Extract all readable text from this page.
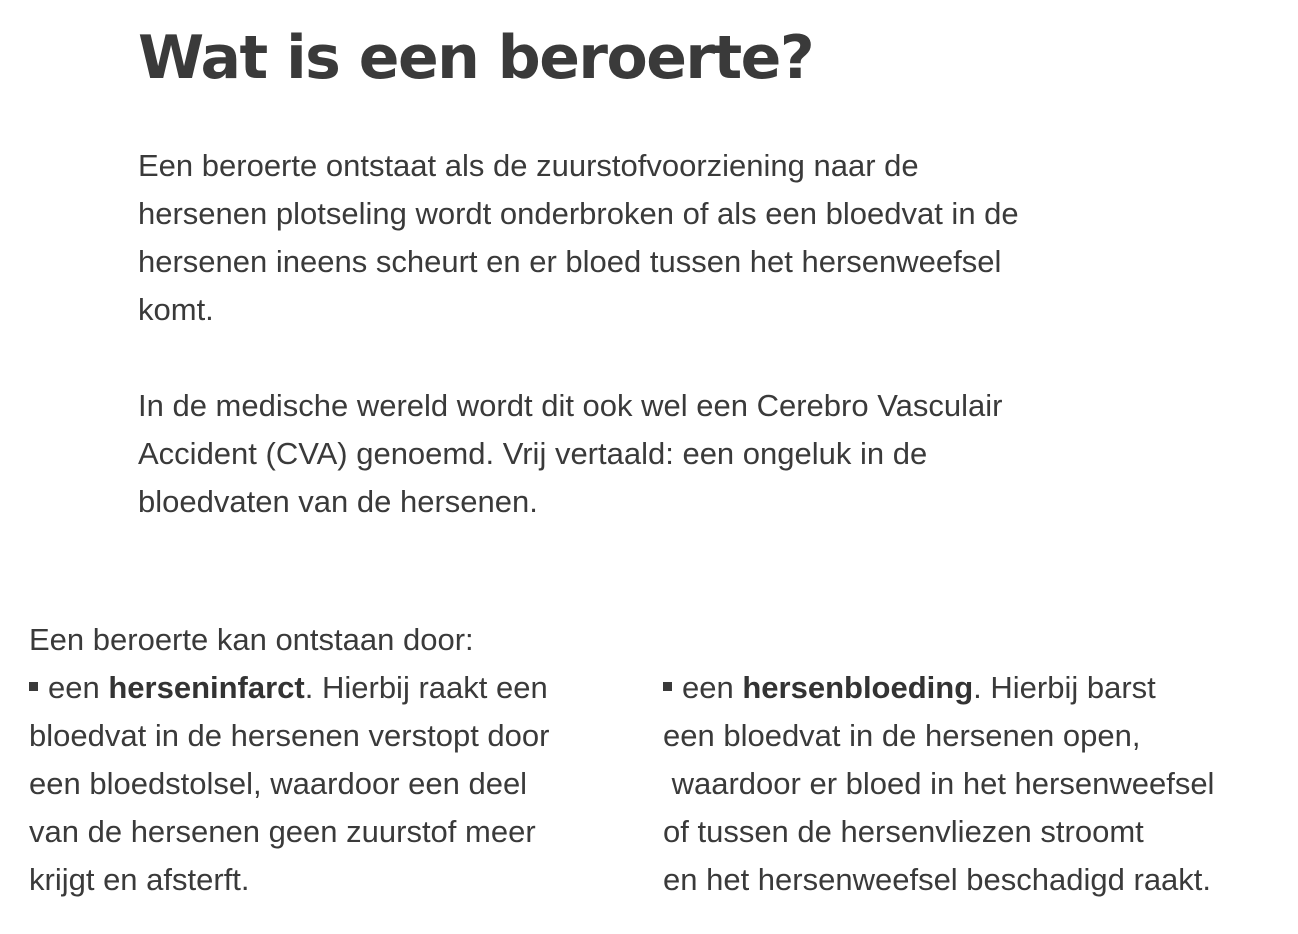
Wat is een beroerte?

Een beroerte ontstaat als de zuurstofvoorziening naar de
hersenen plotseling wordt onderbroken of als een bloedvat in de
hersenen ineens scheurt en er bloed tussen het hersenweefsel
komt.

In de medische wereld wordt dit ook wel een Cerebro Vasculair
Accident (CVA) genoemd. Vrij vertaald: een ongeluk in de
bloedvaten van de hersenen.

Een beroerte kan ontstaan door:
een herseninfarct. Hierbij raakt een
bloedvat in de hersenen verstopt door
een bloedstolsel, waardoor een deel
van de hersenen geen zuurstof meer
krijgt en afsterft.
een hersenbloeding. Hierbij barst
een bloedvat in de hersenen open,
waardoor er bloed in het hersenweefsel
of tussen de hersenvliezen stroomt
en het hersenweefsel beschadigd raakt.
